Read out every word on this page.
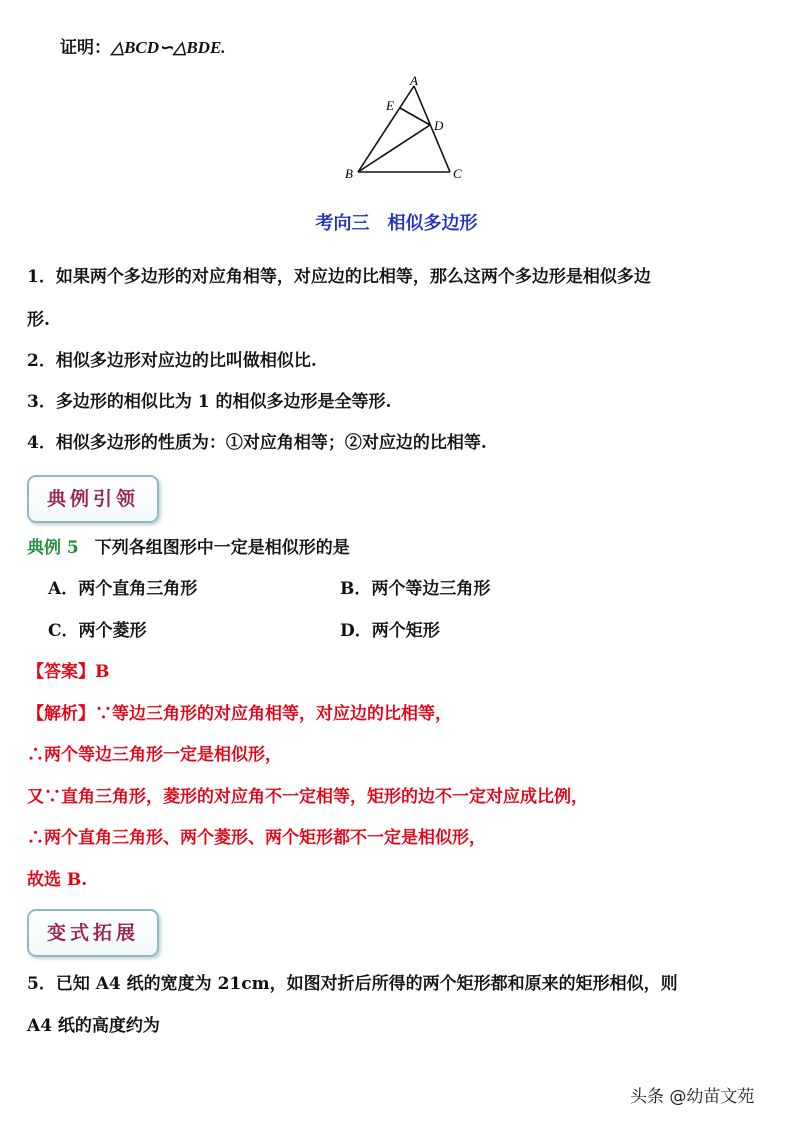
证明：△BCD∽△BDE.
A
E
D
B	C
考向三　相似多边形
1．如果两个多边形的对应角相等，对应边的比相等，那么这两个多边形是相似多边
形.
2．相似多边形对应边的比叫做相似比.
3．多边形的相似比为 1 的相似多边形是全等形.
4．相似多边形的性质为：①对应角相等；②对应边的比相等.
典例引领
典例 5 下列各组图形中一定是相似形的是
A．两个直角三角形	B．两个等边三角形
C．两个菱形	D．两个矩形
【答案】B
【解析】∵等边三角形的对应角相等，对应边的比相等，
∴两个等边三角形一定是相似形，
又∵直角三角形，菱形的对应角不一定相等，矩形的边不一定对应成比例，
∴两个直角三角形、两个菱形、两个矩形都不一定是相似形，
故选 B.
变式拓展
5．已知 A4 纸的宽度为 21cm，如图对折后所得的两个矩形都和原来的矩形相似，则
A4 纸的高度约为
头条 @幼苗文苑
